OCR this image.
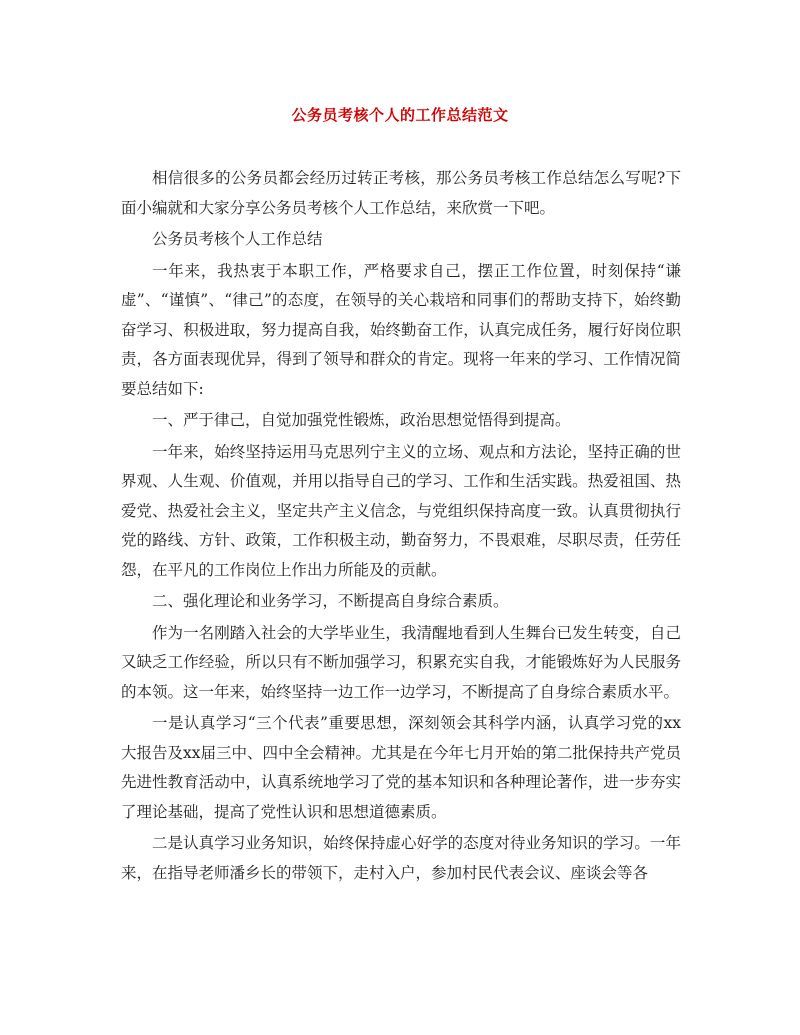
公务员考核个人的工作总结范文

相信很多的公务员都会经历过转正考核，那公务员考核工作总结怎么写呢?下面小编就和大家分享公务员考核个人工作总结，来欣赏一下吧。

公务员考核个人工作总结

一年来，我热衷于本职工作，严格要求自己，摆正工作位置，时刻保持“谦虚”、“谨慎”、“律己”的态度，在领导的关心栽培和同事们的帮助支持下，始终勤奋学习、积极进取，努力提高自我，始终勤奋工作，认真完成任务，履行好岗位职责，各方面表现优异，得到了领导和群众的肯定。现将一年来的学习、工作情况简要总结如下:

一、严于律己，自觉加强党性锻炼，政治思想觉悟得到提高。

一年来，始终坚持运用马克思列宁主义的立场、观点和方法论，坚持正确的世界观、人生观、价值观，并用以指导自己的学习、工作和生活实践。热爱祖国、热爱党、热爱社会主义，坚定共产主义信念，与党组织保持高度一致。认真贯彻执行党的路线、方针、政策，工作积极主动，勤奋努力，不畏艰难，尽职尽责，任劳任怨，在平凡的工作岗位上作出力所能及的贡献。

二、强化理论和业务学习，不断提高自身综合素质。

作为一名刚踏入社会的大学毕业生，我清醒地看到人生舞台已发生转变，自己又缺乏工作经验，所以只有不断加强学习，积累充实自我，才能锻炼好为人民服务的本领。这一年来，始终坚持一边工作一边学习，不断提高了自身综合素质水平。

一是认真学习“三个代表”重要思想，深刻领会其科学内涵，认真学习党的xx大报告及xx届三中、四中全会精神。尤其是在今年七月开始的第二批保持共产党员先进性教育活动中，认真系统地学习了党的基本知识和各种理论著作，进一步夯实了理论基础，提高了党性认识和思想道德素质。

二是认真学习业务知识，始终保持虚心好学的态度对待业务知识的学习。一年来，在指导老师潘乡长的带领下，走村入户，参加村民代表会议、座谈会等各
